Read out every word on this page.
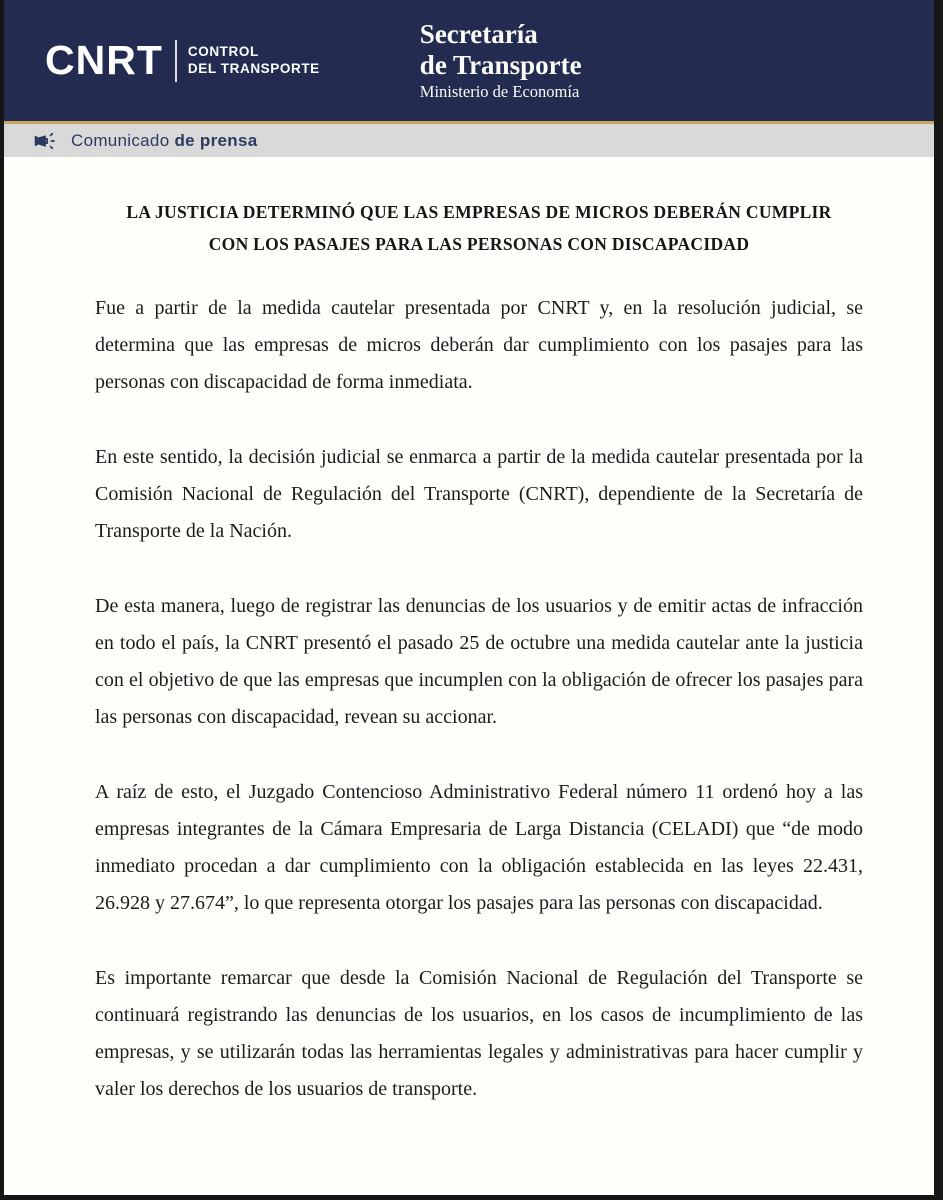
CNRT CONTROL
DEL TRANSPORTE
Secretaría
de Transporte
Ministerio de Economía
Comunicado de prensa
LA JUSTICIA DETERMINÓ QUE LAS EMPRESAS DE MICROS DEBERÁN CUMPLIR
CON LOS PASAJES PARA LAS PERSONAS CON DISCAPACIDAD

Fue a partir de la medida cautelar presentada por CNRT y, en la resolución judicial, se determina que las empresas de micros deberán dar cumplimiento con los pasajes para las personas con discapacidad de forma inmediata.

En este sentido, la decisión judicial se enmarca a partir de la medida cautelar presentada por la Comisión Nacional de Regulación del Transporte (CNRT), dependiente de la Secretaría de Transporte de la Nación.

De esta manera, luego de registrar las denuncias de los usuarios y de emitir actas de infracción en todo el país, la CNRT presentó el pasado 25 de octubre una medida cautelar ante la justicia con el objetivo de que las empresas que incumplen con la obligación de ofrecer los pasajes para las personas con discapacidad, revean su accionar.

A raíz de esto, el Juzgado Contencioso Administrativo Federal número 11 ordenó hoy a las empresas integrantes de la Cámara Empresaria de Larga Distancia (CELADI) que “de modo inmediato procedan a dar cumplimiento con la obligación establecida en las leyes 22.431, 26.928 y 27.674”, lo que representa otorgar los pasajes para las personas con discapacidad.

Es importante remarcar que desde la Comisión Nacional de Regulación del Transporte se continuará registrando las denuncias de los usuarios, en los casos de incumplimiento de las empresas, y se utilizarán todas las herramientas legales y administrativas para hacer cumplir y valer los derechos de los usuarios de transporte.
